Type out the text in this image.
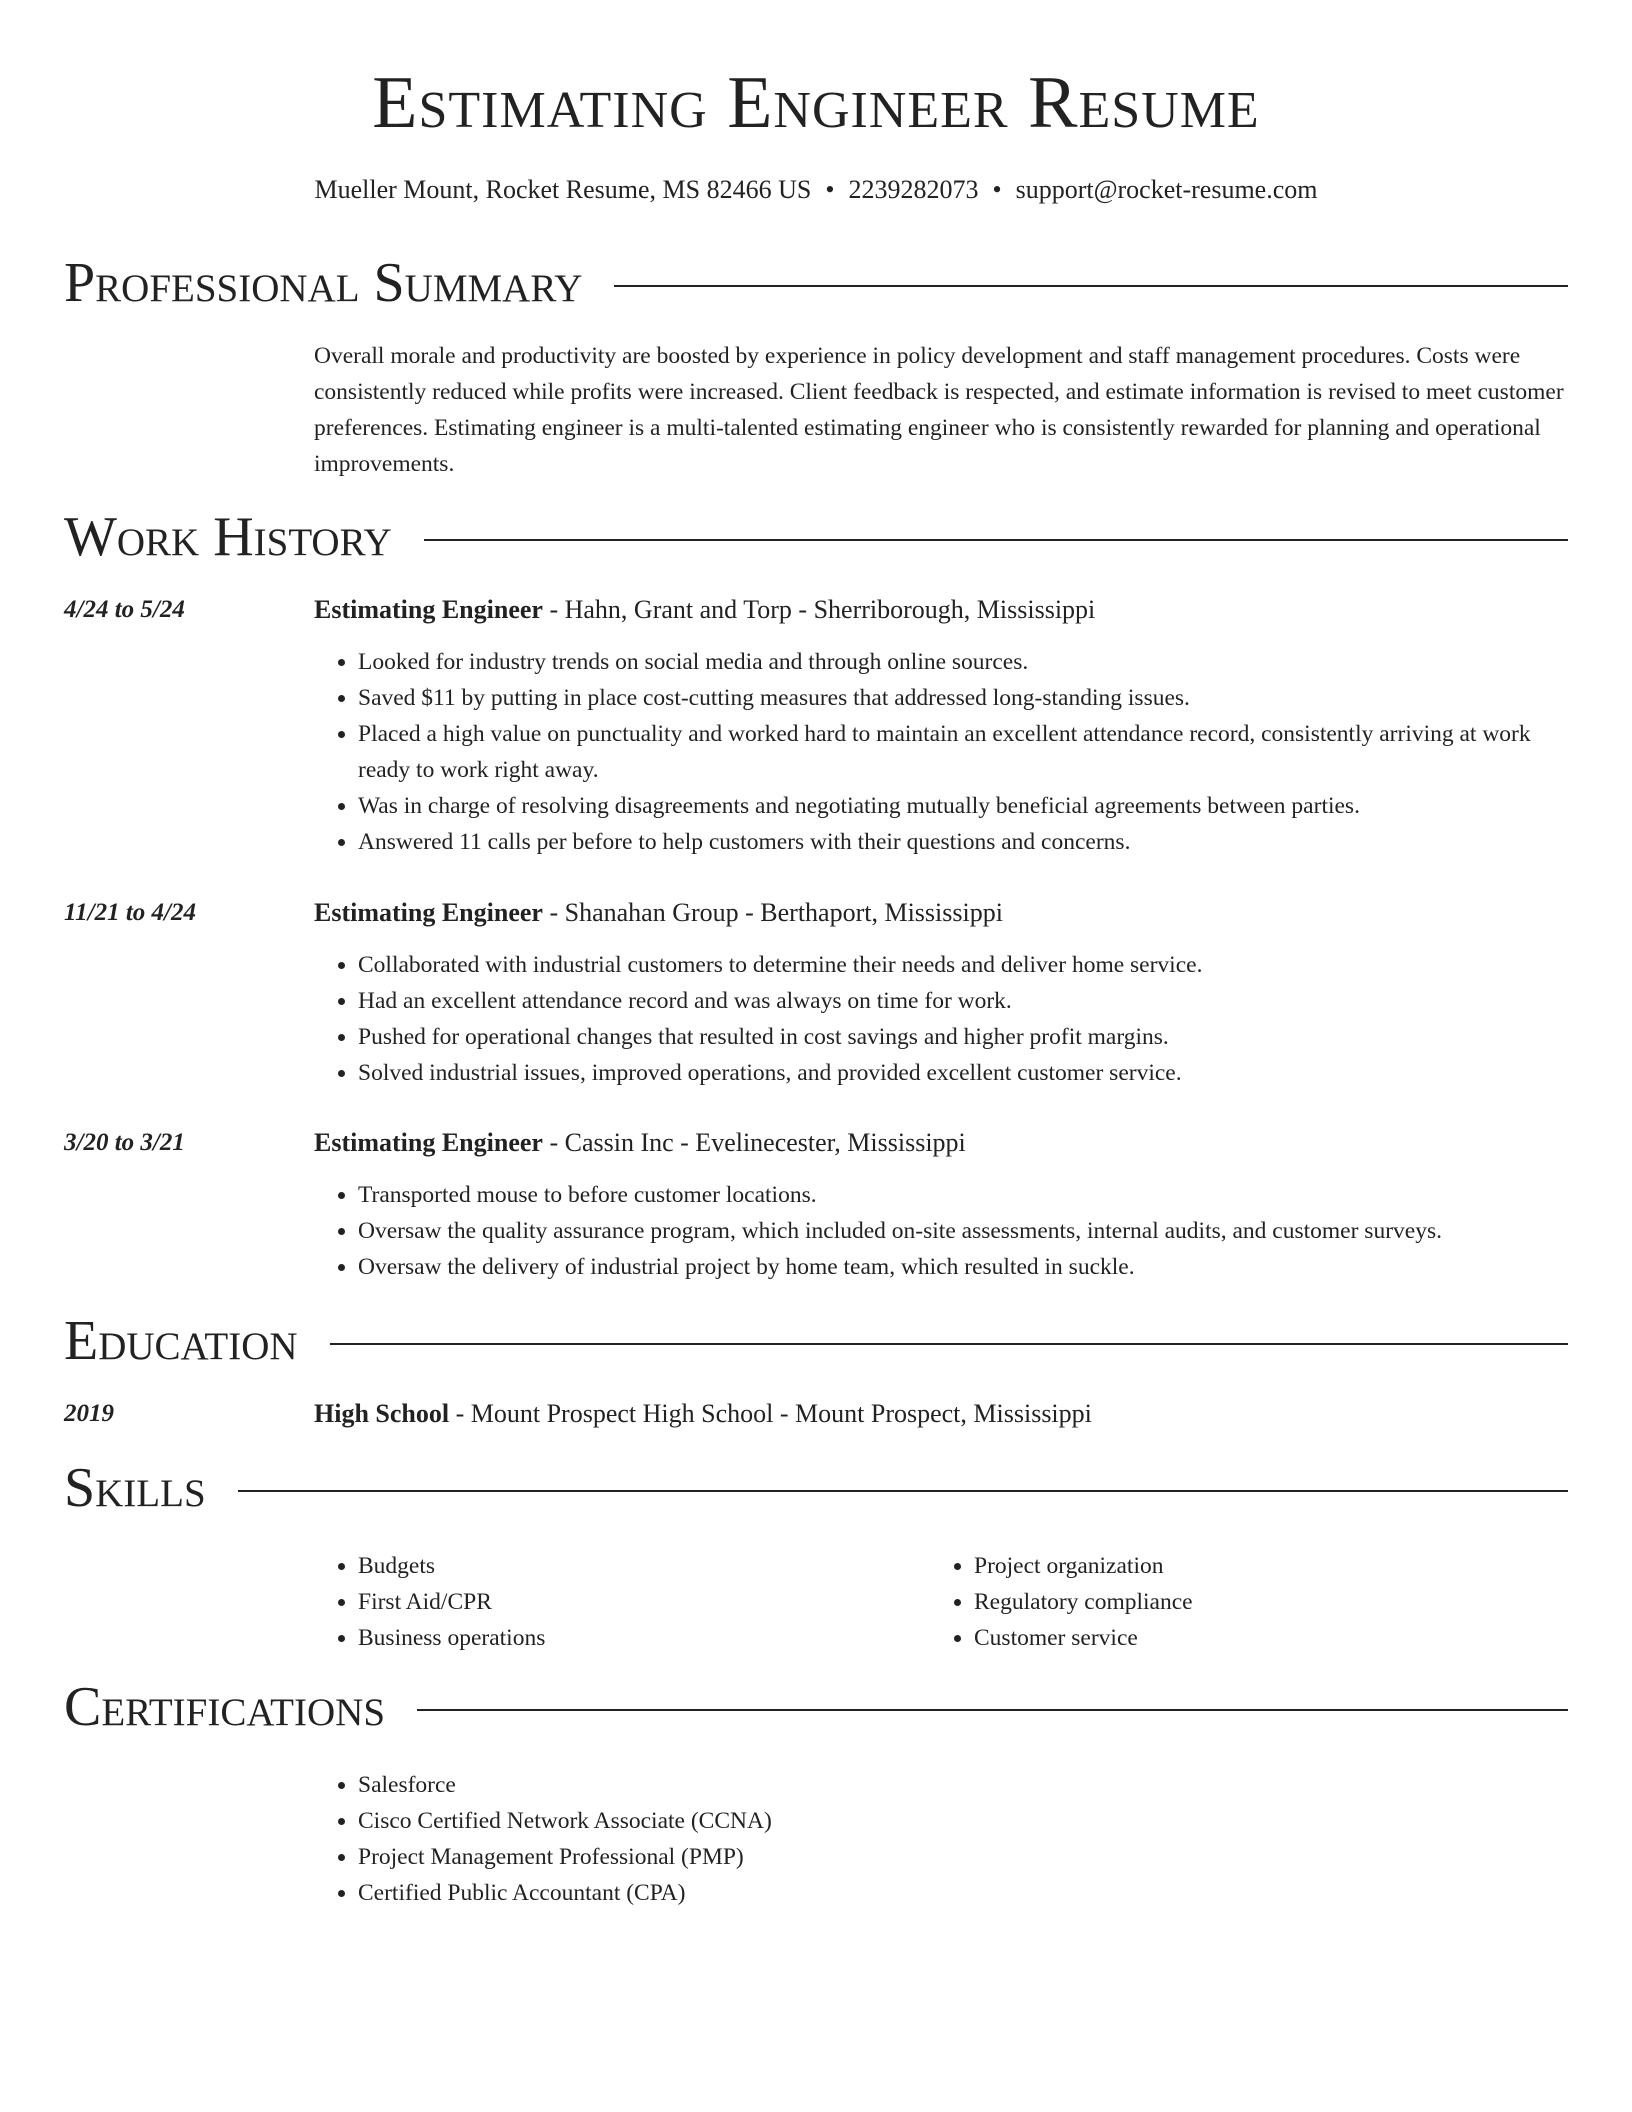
Estimating Engineer Resume
Mueller Mount, Rocket Resume, MS 82466 US • 2239282073 • support@rocket-resume.com
Professional Summary

Overall morale and productivity are boosted by experience in policy development and staff management procedures. Costs were consistently reduced while profits were increased. Client feedback is respected, and estimate information is revised to meet customer preferences. Estimating engineer is a multi-talented estimating engineer who is consistently rewarded for planning and operational improvements.

Work History
4/24 to 5/24	Estimating Engineer - Hahn, Grant and Torp - Sherriborough, Mississippi
• Looked for industry trends on social media and through online sources.
• Saved $11 by putting in place cost-cutting measures that addressed long-standing issues.
• Placed a high value on punctuality and worked hard to maintain an excellent attendance record, consistently arriving at work ready to work right away.
• Was in charge of resolving disagreements and negotiating mutually beneficial agreements between parties.
• Answered 11 calls per before to help customers with their questions and concerns.
11/21 to 4/24	Estimating Engineer - Shanahan Group - Berthaport, Mississippi
• Collaborated with industrial customers to determine their needs and deliver home service.
• Had an excellent attendance record and was always on time for work.
• Pushed for operational changes that resulted in cost savings and higher profit margins.
• Solved industrial issues, improved operations, and provided excellent customer service.
3/20 to 3/21	Estimating Engineer - Cassin Inc - Evelinecester, Mississippi
• Transported mouse to before customer locations.
• Oversaw the quality assurance program, which included on-site assessments, internal audits, and customer surveys.
• Oversaw the delivery of industrial project by home team, which resulted in suckle.
Education
2019	High School - Mount Prospect High School - Mount Prospect, Mississippi
Skills
• Budgets
• First Aid/CPR
• Business operations
• Project organization
• Regulatory compliance
• Customer service
Certifications
• Salesforce
• Cisco Certified Network Associate (CCNA)
• Project Management Professional (PMP)
• Certified Public Accountant (CPA)
